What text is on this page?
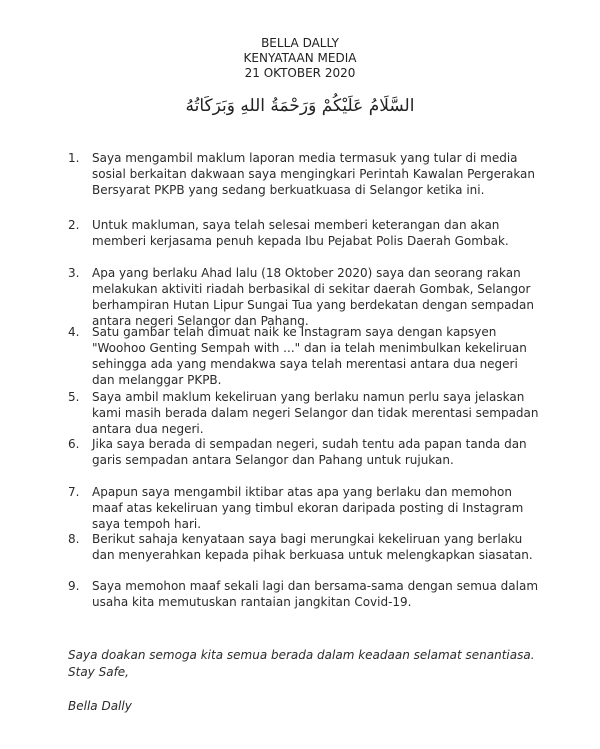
BELLA DALLY
KENYATAAN MEDIA
21 OKTOBER 2020
السَّلَامُ عَلَيْكُمْ وَرَحْمَةُ اللهِ وَبَرَكَاتُهُ
1.	Saya mengambil maklum laporan media termasuk yang tular di media sosial berkaitan dakwaan saya mengingkari Perintah Kawalan Pergerakan Bersyarat PKPB yang sedang berkuatkuasa di Selangor ketika ini.
2.	Untuk makluman, saya telah selesai memberi keterangan dan akan memberi kerjasama penuh kepada Ibu Pejabat Polis Daerah Gombak.
3.	Apa yang berlaku Ahad lalu (18 Oktober 2020) saya dan seorang rakan melakukan aktiviti riadah berbasikal di sekitar daerah Gombak, Selangor berhampiran Hutan Lipur Sungai Tua yang berdekatan dengan sempadan antara negeri Selangor dan Pahang.
4.	Satu gambar telah dimuat naik ke Instagram saya dengan kapsyen "Woohoo Genting Sempah with ..." dan ia telah menimbulkan kekeliruan sehingga ada yang mendakwa saya telah merentasi antara dua negeri dan melanggar PKPB.
5.	Saya ambil maklum kekeliruan yang berlaku namun perlu saya jelaskan kami masih berada dalam negeri Selangor dan tidak merentasi sempadan antara dua negeri.
6.	Jika saya berada di sempadan negeri, sudah tentu ada papan tanda dan garis sempadan antara Selangor dan Pahang untuk rujukan.
7.	Apapun saya mengambil iktibar atas apa yang berlaku dan memohon maaf atas kekeliruan yang timbul ekoran daripada posting di Instagram saya tempoh hari.
8.	Berikut sahaja kenyataan saya bagi merungkai kekeliruan yang berlaku dan menyerahkan kepada pihak berkuasa untuk melengkapkan siasatan.
9.	Saya memohon maaf sekali lagi dan bersama-sama dengan semua dalam usaha kita memutuskan rantaian jangkitan Covid-19.
Saya doakan semoga kita semua berada dalam keadaan selamat senantiasa.
Stay Safe,
Bella Dally
